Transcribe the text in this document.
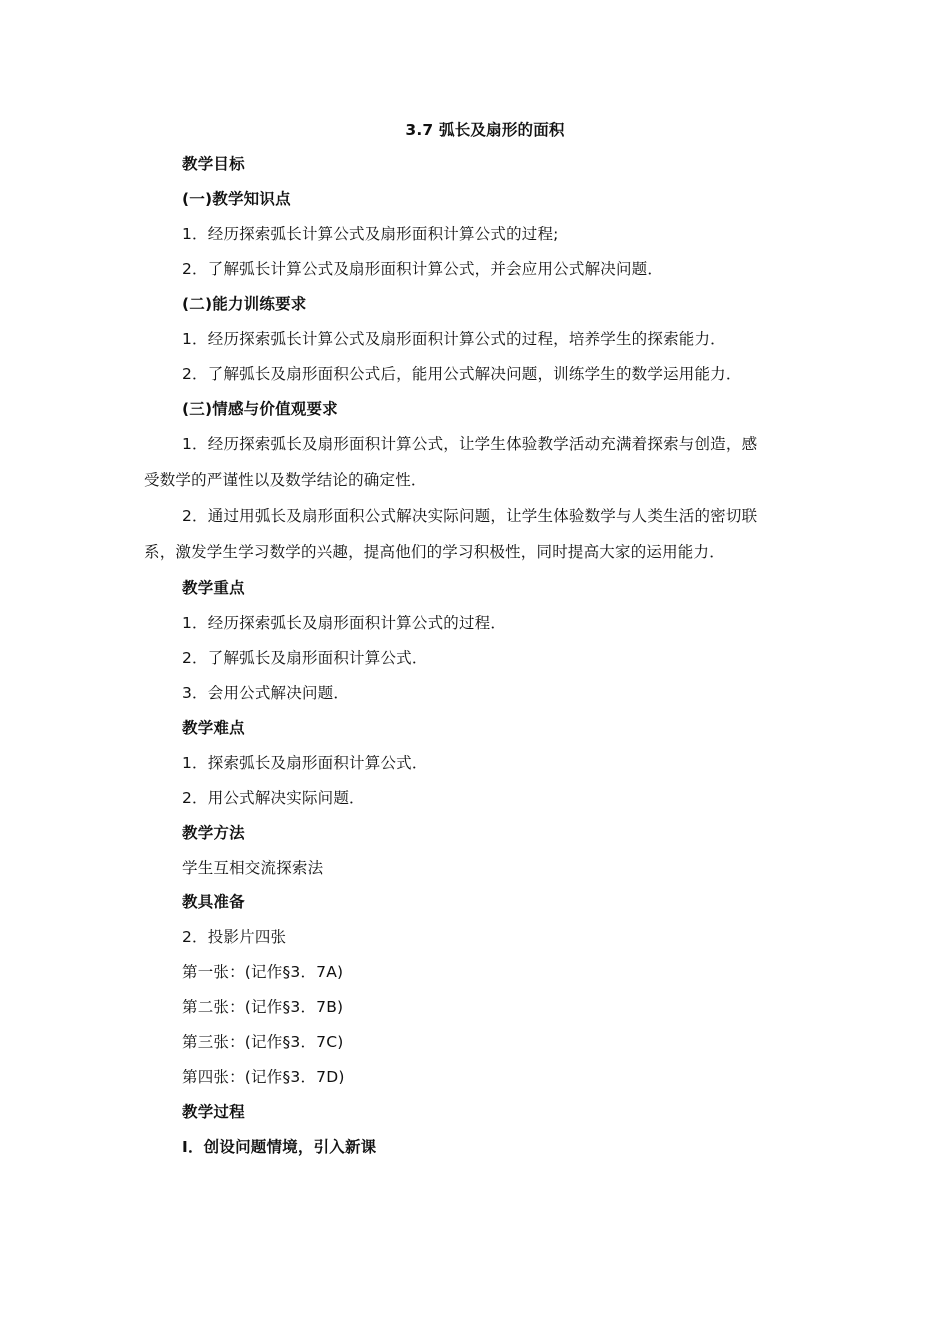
3.7 弧长及扇形的面积
教学目标
(一)教学知识点
1．经历探索弧长计算公式及扇形面积计算公式的过程;
2．了解弧长计算公式及扇形面积计算公式，并会应用公式解决问题．
(二)能力训练要求
1．经历探索弧长计算公式及扇形面积计算公式的过程，培养学生的探索能力．
2．了解弧长及扇形面积公式后，能用公式解决问题，训练学生的数学运用能力．
(三)情感与价值观要求
1．经历探索弧长及扇形面积计算公式，让学生体验教学活动充满着探索与创造，感
受数学的严谨性以及数学结论的确定性．
2．通过用弧长及扇形面积公式解决实际问题，让学生体验数学与人类生活的密切联
系，激发学生学习数学的兴趣，提高他们的学习积极性，同时提高大家的运用能力．
教学重点
1．经历探索弧长及扇形面积计算公式的过程．
2．了解弧长及扇形面积计算公式．
3．会用公式解决问题．
教学难点
1．探索弧长及扇形面积计算公式．
2．用公式解决实际问题．
教学方法
学生互相交流探索法
教具准备
2．投影片四张
第一张：(记作§3．7A)
第二张：(记作§3．7B)
第三张：(记作§3．7C)
第四张：(记作§3．7D)
教学过程
Ⅰ．创设问题情境，引入新课
